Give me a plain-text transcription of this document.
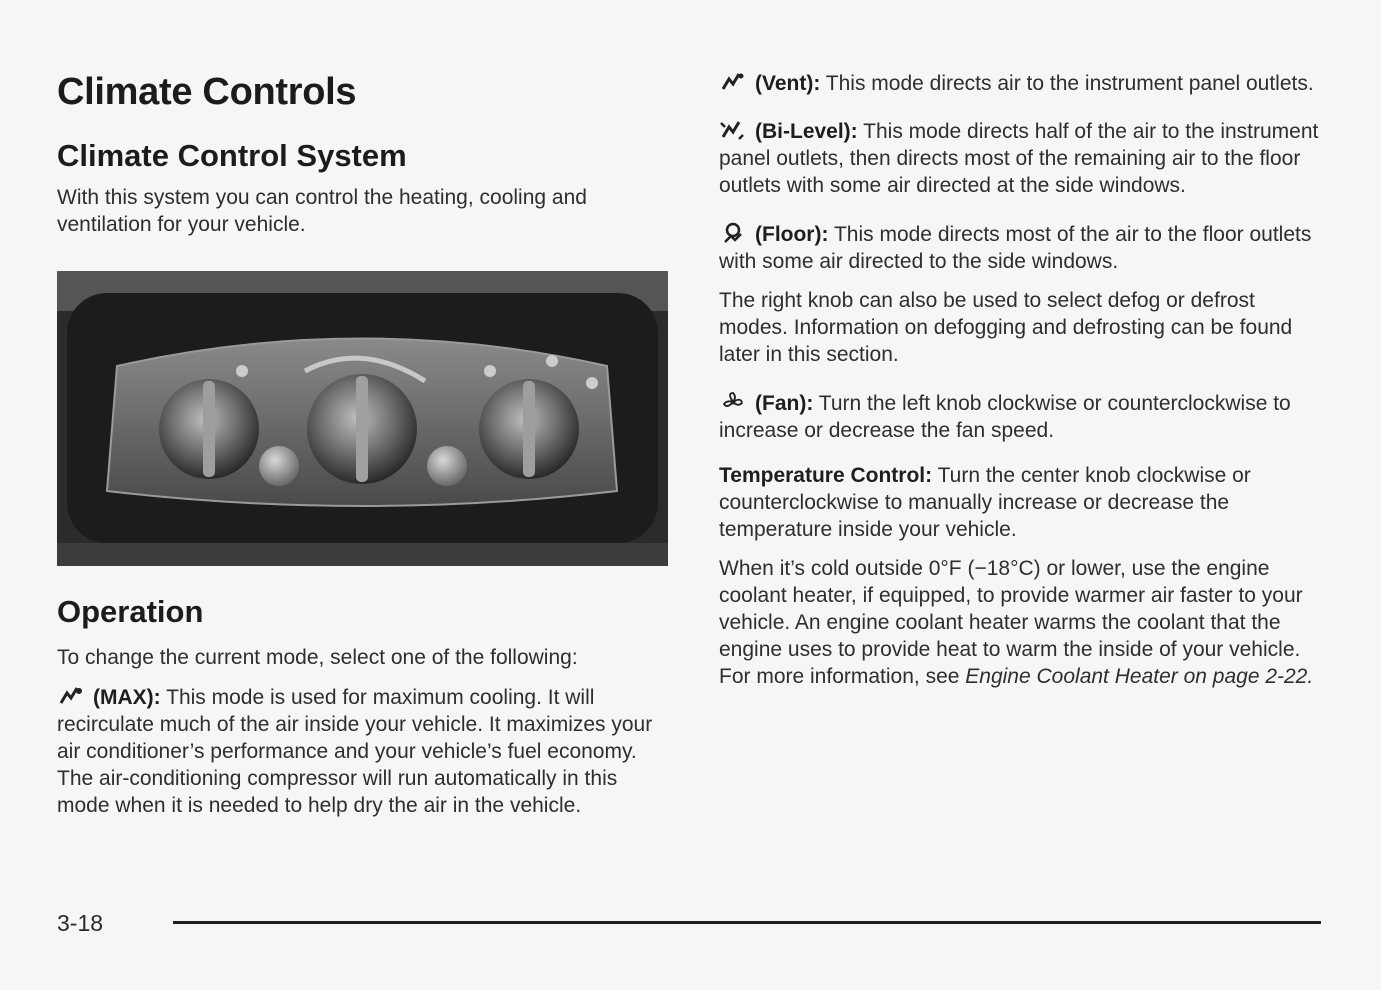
Climate Controls
Climate Control System

With this system you can control the heating, cooling and ventilation for your vehicle.

Operation

To change the current mode, select one of the following:

(MAX): This mode is used for maximum cooling. It will recirculate much of the air inside your vehicle. It maximizes your air conditioner’s performance and your vehicle’s fuel economy. The air-conditioning compressor will run automatically in this mode when it is needed to help dry the air in the vehicle.

(Vent): This mode directs air to the instrument panel outlets.

(Bi-Level): This mode directs half of the air to the instrument panel outlets, then directs most of the remaining air to the floor outlets with some air directed at the side windows.

(Floor): This mode directs most of the air to the floor outlets with some air directed to the side windows.

The right knob can also be used to select defog or defrost modes. Information on defogging and defrosting can be found later in this section.

(Fan): Turn the left knob clockwise or counterclockwise to increase or decrease the fan speed.

Temperature Control: Turn the center knob clockwise or counterclockwise to manually increase or decrease the temperature inside your vehicle.

When it’s cold outside 0°F (−18°C) or lower, use the engine coolant heater, if equipped, to provide warmer air faster to your vehicle. An engine coolant heater warms the coolant that the engine uses to provide heat to warm the inside of your vehicle. For more information, see Engine Coolant Heater on page 2-22.

3-18
